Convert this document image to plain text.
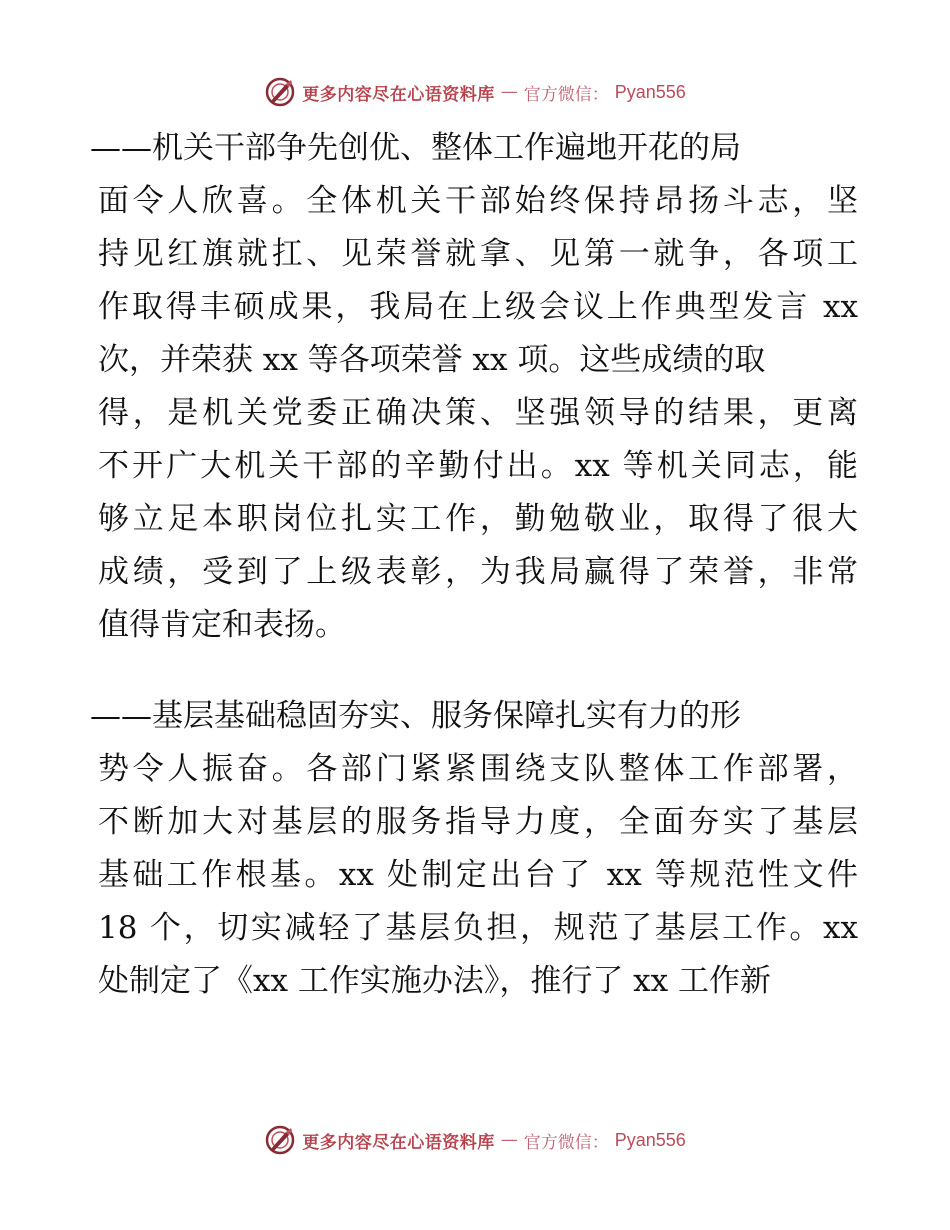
更多内容尽在心语资料库 — 官方微信： Pyan556
——机关干部争先创优、整体工作遍地开花的局
面令人欣喜。全体机关干部始终保持昂扬斗志，坚
持见红旗就扛、见荣誉就拿、见第一就争，各项工
作取得丰硕成果，我局在上级会议上作典型发言 xx
次，并荣获 xx 等各项荣誉 xx 项。这些成绩的取
得，是机关党委正确决策、坚强领导的结果，更离
不开广大机关干部的辛勤付出。xx 等机关同志，能
够立足本职岗位扎实工作，勤勉敬业，取得了很大
成绩，受到了上级表彰，为我局赢得了荣誉，非常
值得肯定和表扬。
——基层基础稳固夯实、服务保障扎实有力的形
势令人振奋。各部门紧紧围绕支队整体工作部署，
不断加大对基层的服务指导力度，全面夯实了基层
基础工作根基。xx 处制定出台了 xx 等规范性文件
18 个，切实减轻了基层负担，规范了基层工作。xx
处制定了《xx 工作实施办法》，推行了 xx 工作新
更多内容尽在心语资料库 — 官方微信： Pyan556
